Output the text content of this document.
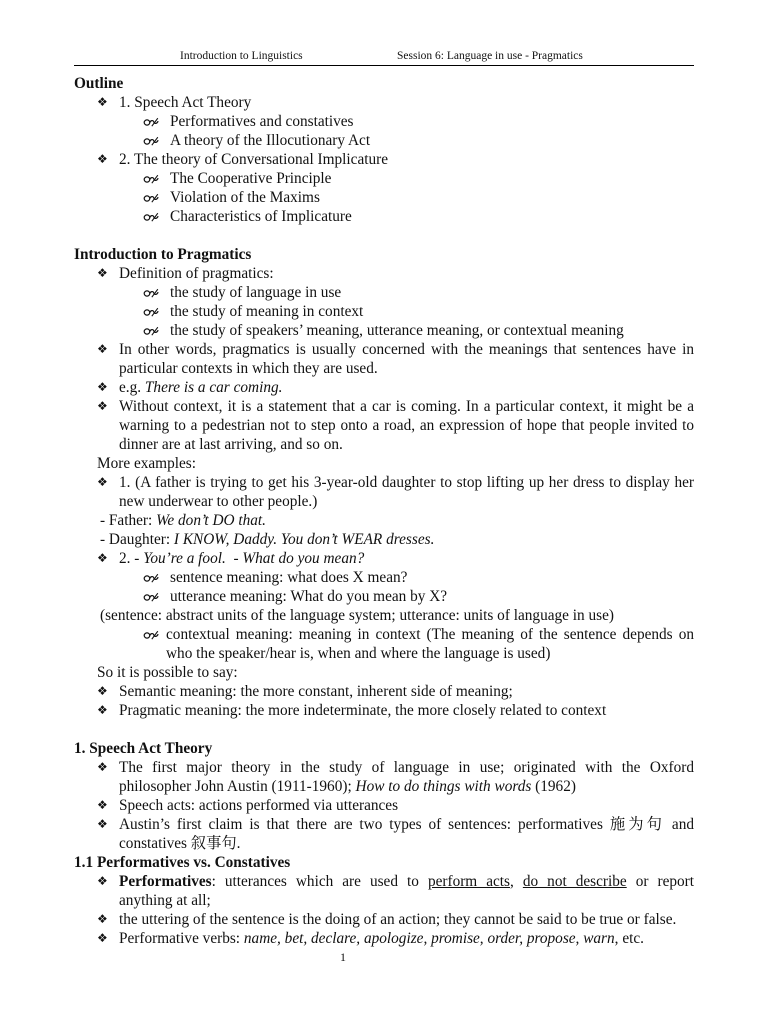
Introduction to Linguistics	Session 6: Language in use - Pragmatics
Outline
❖ 1. Speech Act Theory
Performatives and constatives
A theory of the Illocutionary Act
❖ 2. The theory of Conversational Implicature
The Cooperative Principle
Violation of the Maxims
Characteristics of Implicature
Introduction to Pragmatics
❖ Definition of pragmatics:
the study of language in use
the study of meaning in context
the study of speakers’ meaning, utterance meaning, or contextual meaning
❖ In other words, pragmatics is usually concerned with the meanings that sentences have in
particular contexts in which they are used.
❖ e.g. There is a car coming.
❖ Without context, it is a statement that a car is coming. In a particular context, it might be a
warning to a pedestrian not to step onto a road, an expression of hope that people invited to
dinner are at last arriving, and so on.
More examples:
❖ 1. (A father is trying to get his 3-year-old daughter to stop lifting up her dress to display her
new underwear to other people.)
- Father: We don’t DO that.
- Daughter: I KNOW, Daddy. You don’t WEAR dresses.
❖ 2. - You’re a fool.  - What do you mean?
sentence meaning: what does X mean?
utterance meaning: What do you mean by X?
(sentence: abstract units of the language system; utterance: units of language in use)
contextual meaning: meaning in context (The meaning of the sentence depends on
who the speaker/hear is, when and where the language is used)
So it is possible to say:
❖ Semantic meaning: the more constant, inherent side of meaning;
❖ Pragmatic meaning: the more indeterminate, the more closely related to context
1. Speech Act Theory
❖ The first major theory in the study of language in use; originated with the Oxford
philosopher John Austin (1911-1960); How to do things with words (1962)
❖ Speech acts: actions performed via utterances
❖ Austin’s first claim is that there are two types of sentences: performatives 施为句 and
constatives 叙事句.
1.1 Performatives vs. Constatives
❖ Performatives: utterances which are used to perform acts, do not describe or report
anything at all;
❖ the uttering of the sentence is the doing of an action; they cannot be said to be true or false.
❖ Performative verbs: name, bet, declare, apologize, promise, order, propose, warn, etc.
1
